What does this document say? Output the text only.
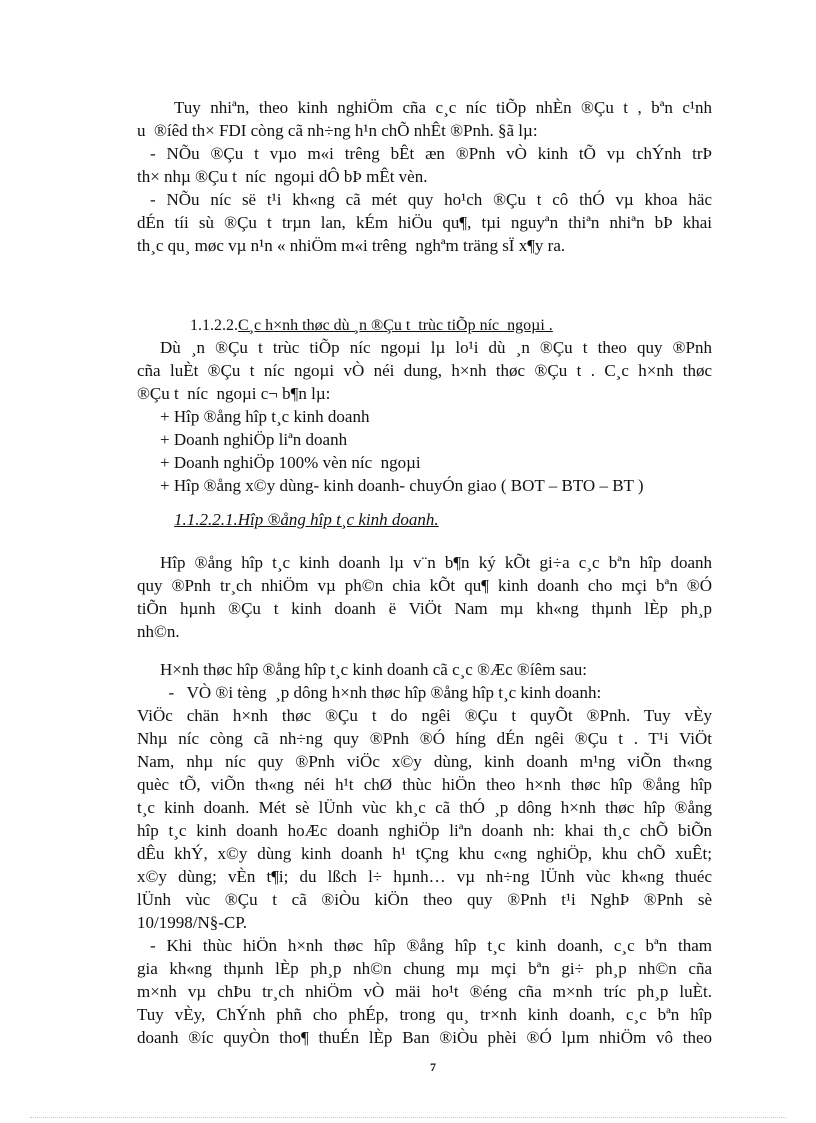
Tuy nhiªn, theo kinh nghiÖm cña c¸c níc tiÕp nhÈn ®Çu t , bªn c¹nh
u  ®íêd th× FDI còng cã nh÷ng h¹n chÕ nhÊt ®Pnh. §ã lµ:
- NÕu ®Çu t vµo m«i trêng bÊt æn ®Pnh vÒ kinh tÕ vµ chÝnh trÞ
th× nhµ ®Çu t  níc  ngoµi dÔ bÞ mÊt vèn.
- NÕu níc së t¹i kh«ng cã mét quy ho¹ch ®Çu t cô thÓ vµ khoa häc
dÉn tíi sù ®Çu t trµn lan, kÉm hiÖu qu¶, tµi nguyªn thiªn nhiªn bÞ khai
th¸c qu¸ møc vµ n¹n « nhiÖm m«i trêng  nghªm träng sÏ x¶y ra.

1.1.2.2.C¸c h×nh thøc dù ¸n ®Çu t  trùc tiÕp níc  ngoµi .

Dù ¸n ®Çu t trùc tiÕp níc ngoµi lµ lo¹i dù ¸n ®Çu t theo quy ®Pnh
cña luÈt ®Çu t níc ngoµi vÒ néi dung, h×nh thøc ®Çu t . C¸c h×nh thøc
®Çu t  níc  ngoµi c¬ b¶n lµ:
+ Hîp ®ång hîp t¸c kinh doanh
+ Doanh nghiÖp liªn doanh
+ Doanh nghiÖp 100% vèn níc  ngoµi
+ Hîp ®ång x©y dùng- kinh doanh- chuyÓn giao ( BOT – BTO – BT )
1.1.2.2.1.Hîp ®ång hîp t¸c kinh doanh.
Hîp ®ång hîp t¸c kinh doanh lµ v¨n b¶n ký kÕt gi÷a c¸c bªn hîp doanh
quy ®Pnh tr¸ch nhiÖm vµ ph©n chia kÕt qu¶ kinh doanh cho mçi bªn ®Ó
tiÕn hµnh ®Çu t kinh doanh ë ViÖt Nam mµ kh«ng thµnh lÈp ph¸p
nh©n.
H×nh thøc hîp ®ång hîp t¸c kinh doanh cã c¸c ®Æc ®íêm sau:
-   VÒ ®i tèng  ¸p dông h×nh thøc hîp ®ång hîp t¸c kinh doanh:
ViÖc chän h×nh thøc ®Çu t do ngêi ®Çu t quyÕt ®Pnh. Tuy vÈy
Nhµ níc còng cã nh÷ng quy ®Pnh ®Ó híng dÉn ngêi ®Çu t . T¹i ViÖt
Nam, nhµ níc quy ®Pnh viÖc x©y dùng, kinh doanh m¹ng viÕn th«ng
quèc tÕ, viÕn th«ng néi h¹t chØ thùc hiÖn theo h×nh thøc hîp ®ång hîp
t¸c kinh doanh. Mét sè lÜnh vùc kh¸c cã thÓ ¸p dông h×nh thøc hîp ®ång
hîp t¸c kinh doanh hoÆc doanh nghiÖp liªn doanh nh: khai th¸c chÕ biÕn
dÊu khÝ, x©y dùng kinh doanh h¹ tÇng khu c«ng nghiÖp, khu chÕ xuÊt;
x©y dùng; vÈn t¶i; du lßch l÷ hµnh… vµ nh÷ng lÜnh vùc kh«ng thuéc
lÜnh vùc ®Çu t cã ®iÒu kiÖn theo quy ®Pnh t¹i NghÞ ®Pnh sè
10/1998/N§-CP.
- Khi thùc hiÖn h×nh thøc hîp ®ång hîp t¸c kinh doanh, c¸c bªn tham
gia kh«ng thµnh lÈp ph¸p nh©n chung mµ mçi bªn gi÷ ph¸p nh©n cña
m×nh vµ chÞu tr¸ch nhiÖm vÒ mäi ho¹t ®éng cña m×nh tríc ph¸p luÈt.
Tuy vÈy, ChÝnh phñ cho phÉp, trong qu¸ tr×nh kinh doanh, c¸c bªn hîp
doanh ®íc quyÒn tho¶ thuÉn lÈp Ban ®iÒu phèi ®Ó lµm nhiÖm vô theo
7
